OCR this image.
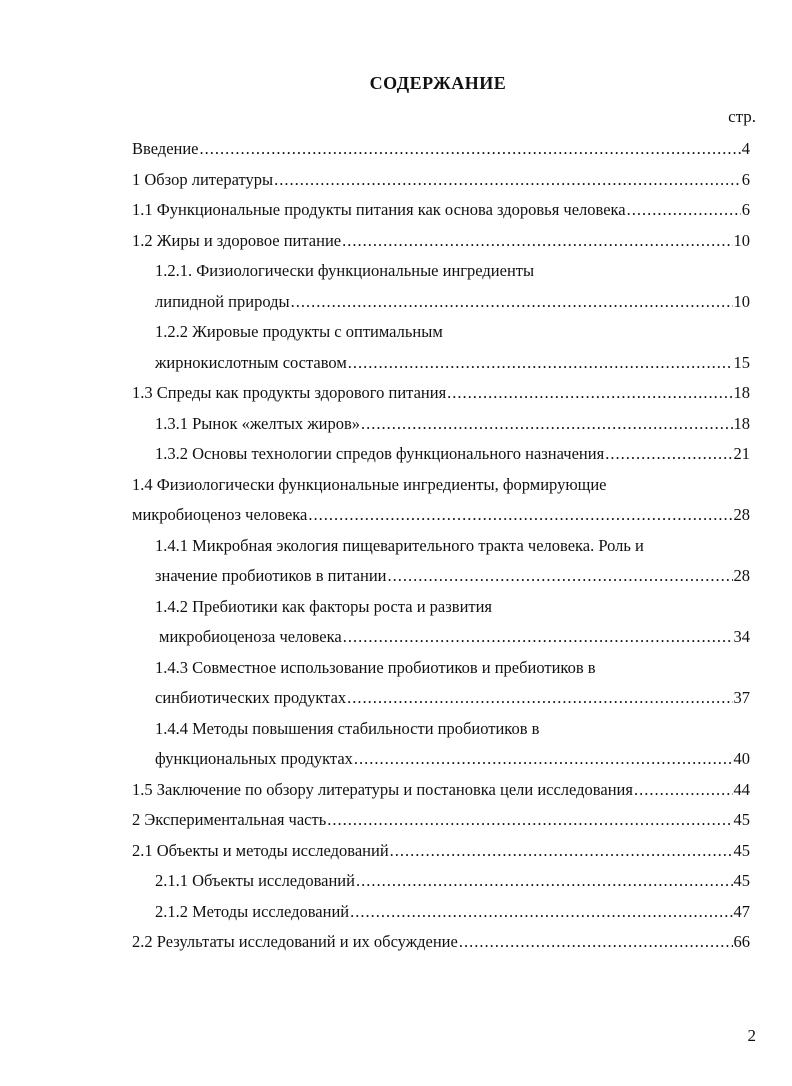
СОДЕРЖАНИЕ
стр.
Введение .....	4
1 Обзор литературы .....	6
1.1 Функциональные продукты питания как основа здоровья человека .....	6
1.2 Жиры и здоровое питание .....	10
1.2.1. Физиологически функциональные ингредиенты
липидной природы .....	10
1.2.2 Жировые продукты с оптимальным
жирнокислотным составом .....	15
1.3 Спреды как продукты здорового питания .....	18
1.3.1 Рынок «желтых жиров» .....	18
1.3.2 Основы технологии спредов функционального назначения .....	21
1.4 Физиологически функциональные ингредиенты, формирующие
микробиоценоз человека .....	28
1.4.1 Микробная экология пищеварительного тракта человека. Роль и
значение пробиотиков в питании .....	28
1.4.2 Пребиотики как факторы роста и развития
микробиоценоза человека .....	34
1.4.3 Совместное использование пробиотиков и пребиотиков в
синбиотических продуктах .....	37
1.4.4 Методы повышения стабильности пробиотиков в
функциональных продуктах .....	40
1.5 Заключение по обзору литературы и постановка цели исследования .....	44
2 Экспериментальная часть .....	45
2.1 Объекты и методы исследований .....	45
2.1.1 Объекты исследований .....	45
2.1.2 Методы исследований .....	47
2.2 Результаты исследований и их обсуждение .....	66
2
